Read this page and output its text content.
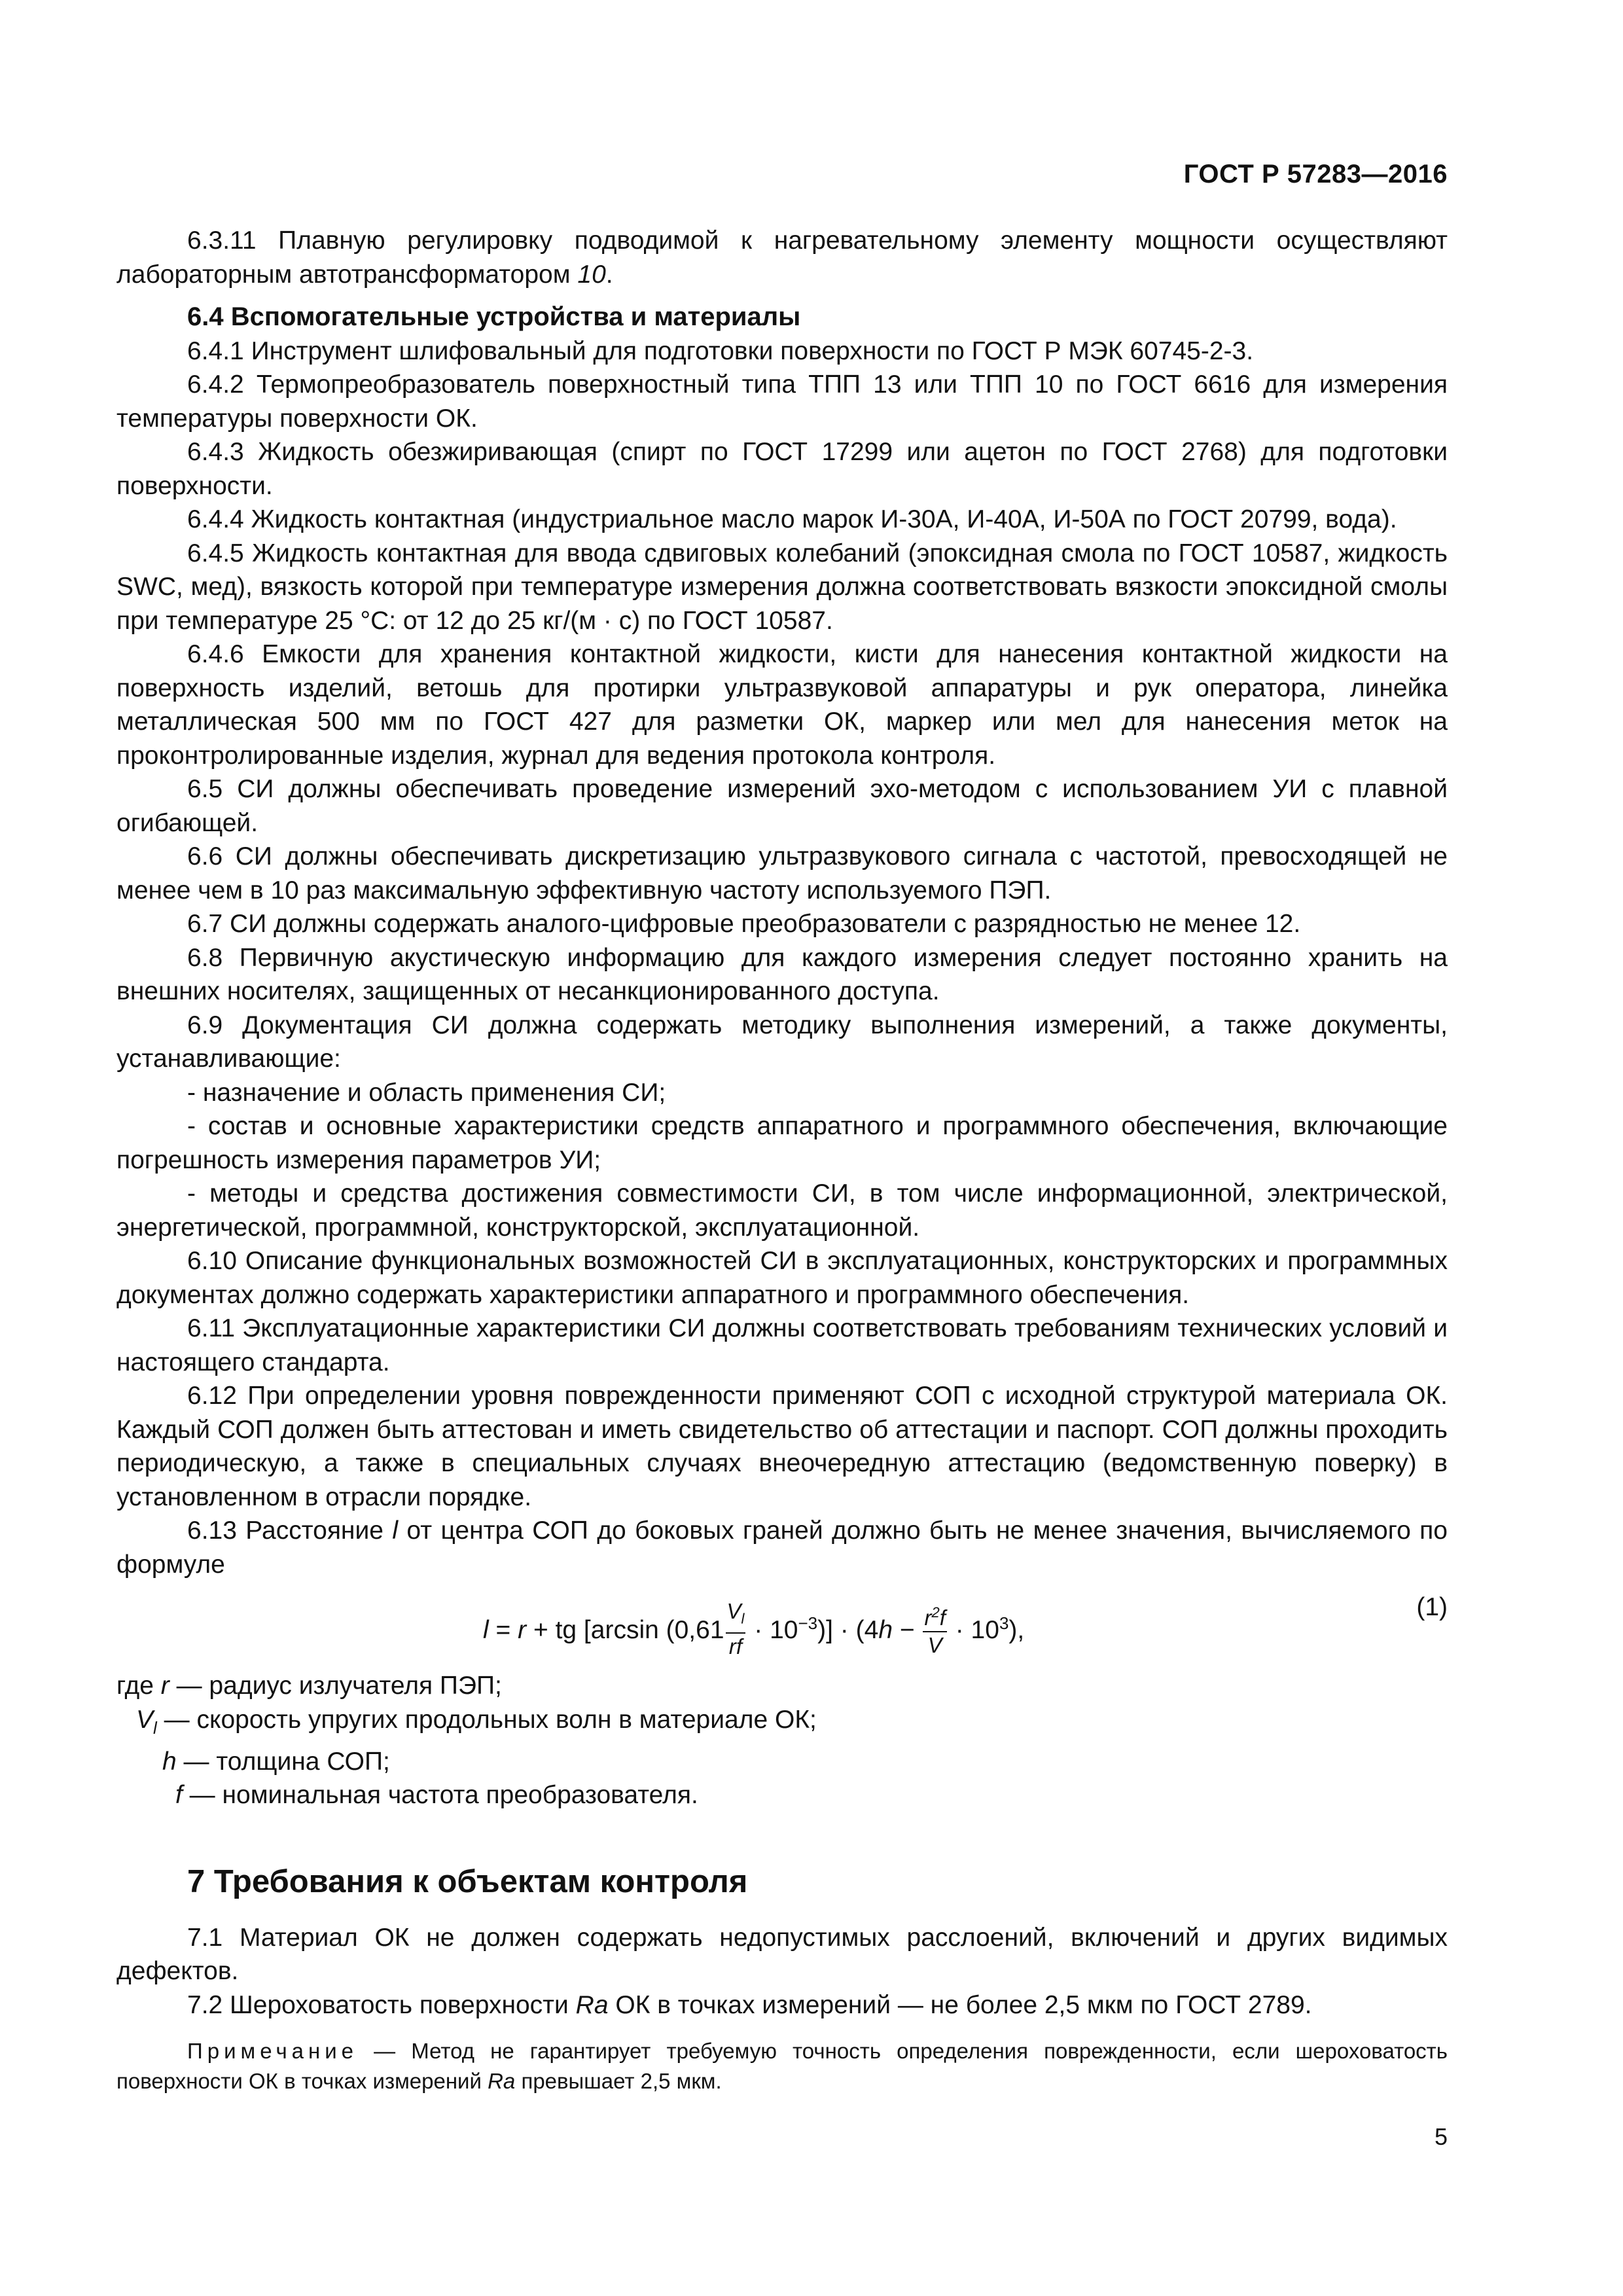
ГОСТ Р 57283—2016

6.3.11 Плавную регулировку подводимой к нагревательному элементу мощности осуществляют лабораторным автотрансформатором 10.

6.4 Вспомогательные устройства и материалы

6.4.1 Инструмент шлифовальный для подготовки поверхности по ГОСТ Р МЭК 60745-2-3.

6.4.2 Термопреобразователь поверхностный типа ТПП 13 или ТПП 10 по ГОСТ 6616 для измерения температуры поверхности ОК.

6.4.3 Жидкость обезжиривающая (спирт по ГОСТ 17299 или ацетон по ГОСТ 2768) для подготовки поверхности.

6.4.4 Жидкость контактная (индустриальное масло марок И-30А, И-40А, И-50А по ГОСТ 20799, вода).

6.4.5 Жидкость контактная для ввода сдвиговых колебаний (эпоксидная смола по ГОСТ 10587, жидкость SWC, мед), вязкость которой при температуре измерения должна соответствовать вязкости эпоксидной смолы при температуре 25 °С: от 12 до 25 кг/(м · с) по ГОСТ 10587.

6.4.6 Емкости для хранения контактной жидкости, кисти для нанесения контактной жидкости на поверхность изделий, ветошь для протирки ультразвуковой аппаратуры и рук оператора, линейка металлическая 500 мм по ГОСТ 427 для разметки ОК, маркер или мел для нанесения меток на проконтролированные изделия, журнал для ведения протокола контроля.

6.5 СИ должны обеспечивать проведение измерений эхо-методом с использованием УИ с плавной огибающей.

6.6 СИ должны обеспечивать дискретизацию ультразвукового сигнала с частотой, превосходящей не менее чем в 10 раз максимальную эффективную частоту используемого ПЭП.

6.7 СИ должны содержать аналого-цифровые преобразователи с разрядностью не менее 12.

6.8 Первичную акустическую информацию для каждого измерения следует постоянно хранить на внешних носителях, защищенных от несанкционированного доступа.

6.9 Документация СИ должна содержать методику выполнения измерений, а также документы, устанавливающие:

- назначение и область применения СИ;

- состав и основные характеристики средств аппаратного и программного обеспечения, включающие погрешность измерения параметров УИ;

- методы и средства достижения совместимости СИ, в том числе информационной, электрической, энергетической, программной, конструкторской, эксплуатационной.

6.10 Описание функциональных возможностей СИ в эксплуатационных, конструкторских и программных документах должно содержать характеристики аппаратного и программного обеспечения.

6.11 Эксплуатационные характеристики СИ должны соответствовать требованиям технических условий и настоящего стандарта.

6.12 При определении уровня поврежденности применяют СОП с исходной структурой материала ОК. Каждый СОП должен быть аттестован и иметь свидетельство об аттестации и паспорт. СОП должны проходить периодическую, а также в специальных случаях внеочередную аттестацию (ведомственную поверку) в установленном в отрасли порядке.

6.13 Расстояние l от центра СОП до боковых граней должно быть не менее значения, вычисляемого по формуле

l = r + tg [arcsin $(0,61 \frac{V_l}{rf} \cdot 10^{-3})] \cdot (4h - \frac{r^2f}{V} \cdot 10^3)$,
(1)
где r — радиус излучателя ПЭП;
$V_l$ — скорость упругих продольных волн в материале ОК;
h — толщина СОП;
f — номинальная частота преобразователя.

7 Требования к объектам контроля

7.1 Материал ОК не должен содержать недопустимых расслоений, включений и других видимых дефектов.

7.2 Шероховатость поверхности Ra ОК в точках измерений — не более 2,5 мкм по ГОСТ 2789.

Примечание — Метод не гарантирует требуемую точность определения поврежденности, если шероховатость поверхности ОК в точках измерений Ra превышает 2,5 мкм.

5
